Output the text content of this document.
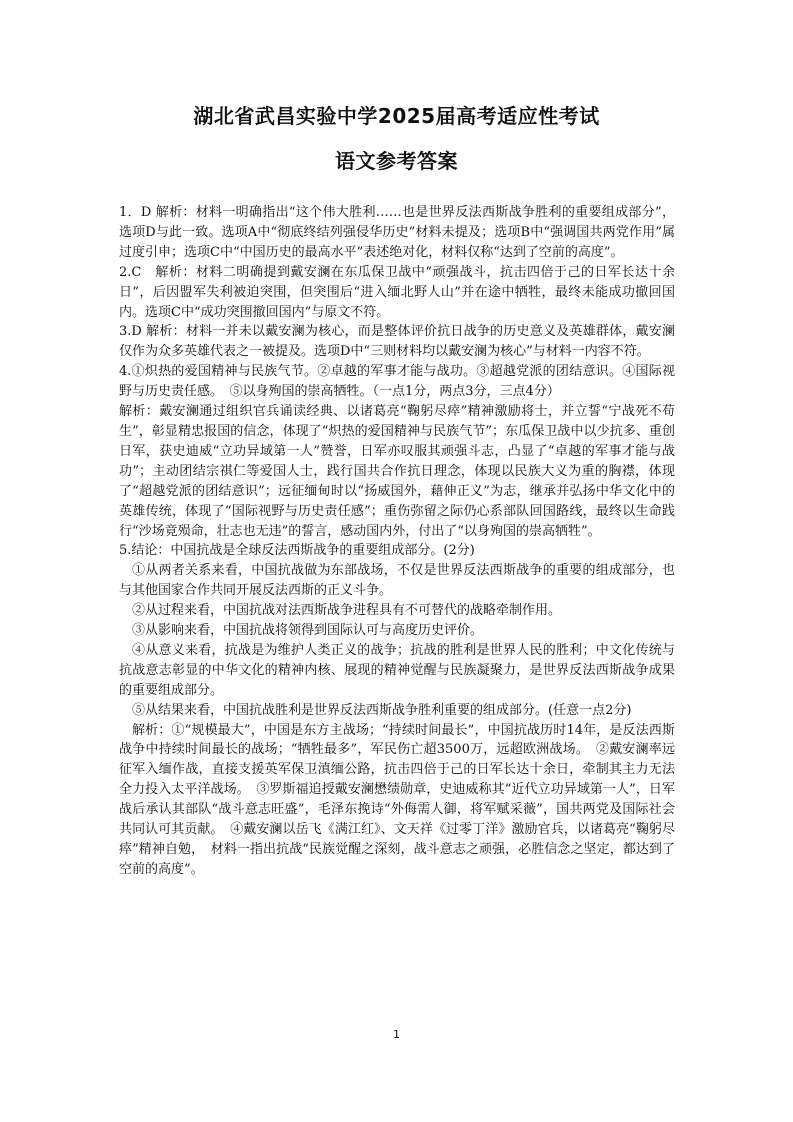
湖北省武昌实验中学2025届高考适应性考试
语文参考答案

1．D 解析：材料一明确指出“这个伟大胜利……也是世界反法西斯战争胜利的重要组成部分”，选项D与此一致。选项A中“彻底终结列强侵华历史”材料未提及；选项B中“强调国共两党作用”属过度引申；选项C中“中国历史的最高水平”表述绝对化，材料仅称“达到了空前的高度”。

2.C　解析：材料二明确提到戴安澜在东瓜保卫战中“顽强战斗，抗击四倍于己的日军长达十余日”，后因盟军失利被迫突围，但突围后“进入缅北野人山”并在途中牺牲，最终未能成功撤回国内。选项C中“成功突围撤回国内”与原文不符。

3.D 解析：材料一并未以戴安澜为核心，而是整体评价抗日战争的历史意义及英雄群体，戴安澜仅作为众多英雄代表之一被提及。选项D中“三则材料均以戴安澜为核心”与材料一内容不符。

4.①炽热的爱国精神与民族气节。②卓越的军事才能与战功。③超越党派的团结意识。④国际视野与历史责任感。　⑤以身殉国的崇高牺牲。（一点1分，两点3分，三点4分）

解析：戴安澜通过组织官兵诵读经典、以诸葛亮“鞠躬尽瘁”精神激励将士，并立誓“宁战死不苟生”，彰显精忠报国的信念，体现了“炽热的爱国精神与民族气节”；东瓜保卫战中以少抗多、重创日军，获史迪威“立功异域第一人”赞誉，日军亦叹服其顽强斗志，凸显了“卓越的军事才能与战功”；主动团结宗祺仁等爱国人士，践行国共合作抗日理念，体现以民族大义为重的胸襟，体现了“超越党派的团结意识”；远征缅甸时以“扬威国外，藉伸正义”为志，继承并弘扬中华文化中的英雄传统，体现了“国际视野与历史责任感”；重伤弥留之际仍心系部队回国路线，最终以生命践行“沙场竟殒命，壮志也无违”的誓言，感动国内外，付出了“以身殉国的崇高牺牲”。

5.结论：中国抗战是全球反法西斯战争的重要组成部分。(2分)

①从两者关系来看，中国抗战做为东部战场，不仅是世界反法西斯战争的重要的组成部分，也与其他国家合作共同开展反法西斯的正义斗争。

②从过程来看，中国抗战对法西斯战争进程具有不可替代的战略牵制作用。

③从影响来看，中国抗战将领得到国际认可与高度历史评价。

④从意义来看，抗战是为维护人类正义的战争；抗战的胜利是世界人民的胜利；中文化传统与抗战意志彰显的中华文化的精神内核、展现的精神觉醒与民族凝聚力，是世界反法西斯战争成果的重要组成部分。

⑤从结果来看，中国抗战胜利是世界反法西斯战争胜利重要的组成部分。(任意一点2分)

解析：①“规模最大”，中国是东方主战场；“持续时间最长”，中国抗战历时14年，是反法西斯战争中持续时间最长的战场；“牺牲最多”，军民伤亡超3500万，远超欧洲战场。　②戴安澜率远征军入缅作战，直接支援英军保卫滇缅公路，抗击四倍于己的日军长达十余日，牵制其主力无法全力投入太平洋战场。　③罗斯福追授戴安澜懋绩勋章，史迪威称其“近代立功异域第一人”，日军战后承认其部队“战斗意志旺盛”，毛泽东挽诗“外侮需人御，将军赋采薇”，国共两党及国际社会共同认可其贡献。　④戴安澜以岳飞《满江红》、文天祥《过零丁洋》激励官兵，以诸葛亮“鞠躬尽瘁”精神自勉，　材料一指出抗战“民族觉醒之深刻，战斗意志之顽强，必胜信念之坚定，都达到了空前的高度”。

1
